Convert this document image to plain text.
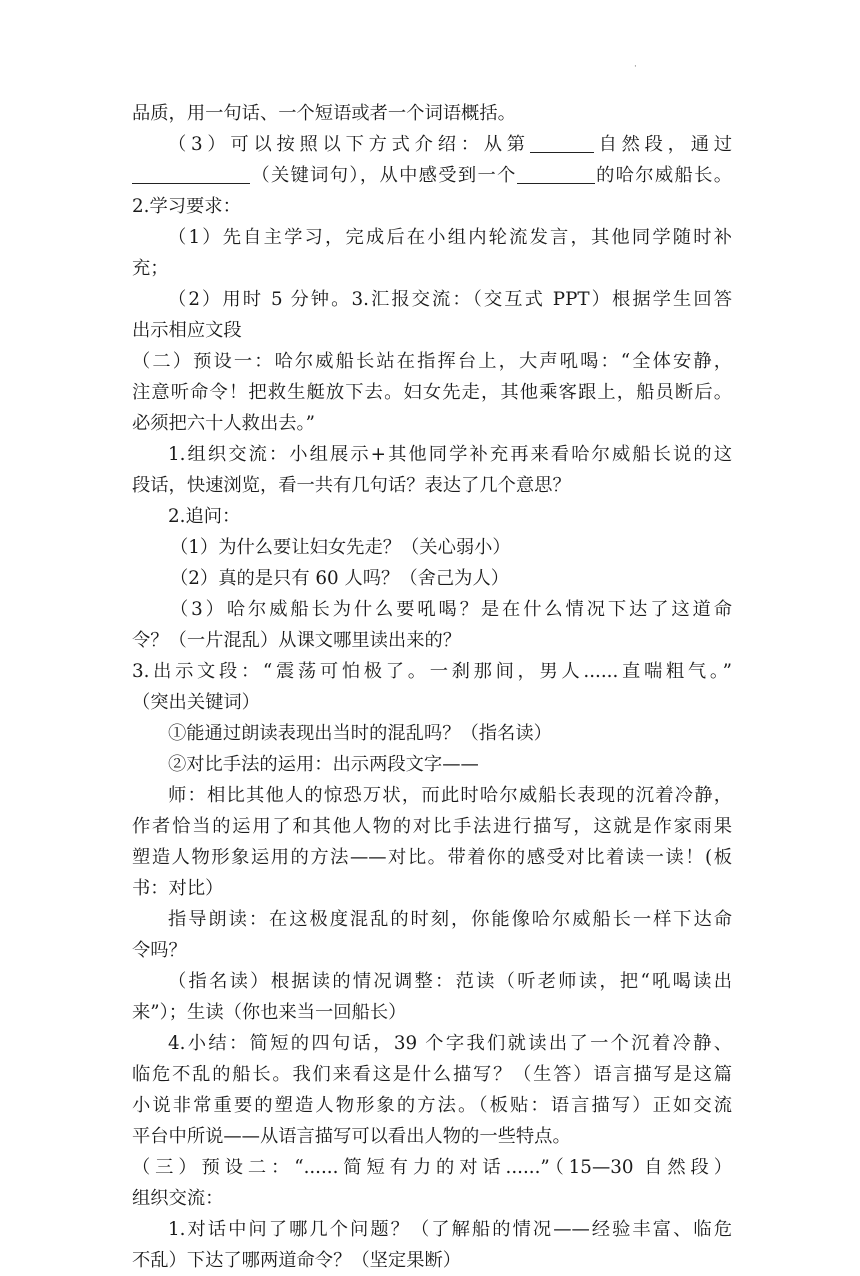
·
品质，用一句话、一个短语或者一个词语概括。
（3）可以按照以下方式介绍：从第	自然段，通过
（关键词句），从中感受到一个	的哈尔威船长。
2.学习要求：
（1）先自主学习，完成后在小组内轮流发言，其他同学随时补
充；
（2）用时 5 分钟。3.汇报交流：（交互式 PPT）根据学生回答
出示相应文段
（二）预设一：哈尔威船长站在指挥台上，大声吼喝：“全体安静，
注意听命令！把救生艇放下去。妇女先走，其他乘客跟上，船员断后。
必须把六十人救出去。”
1.组织交流：小组展示+其他同学补充再来看哈尔威船长说的这
段话，快速浏览，看一共有几句话？表达了几个意思？
2.追问：
（1）为什么要让妇女先走？（关心弱小）
（2）真的是只有 60 人吗？（舍己为人）
（3）哈尔威船长为什么要吼喝？是在什么情况下达了这道命
令？（一片混乱）从课文哪里读出来的？
3.出示文段：“震荡可怕极了。一刹那间，男人......直喘粗气。”
（突出关键词）
①能通过朗读表现出当时的混乱吗？（指名读）
②对比手法的运用：出示两段文字——
师：相比其他人的惊恐万状，而此时哈尔威船长表现的沉着冷静，
作者恰当的运用了和其他人物的对比手法进行描写，这就是作家雨果
塑造人物形象运用的方法——对比。带着你的感受对比着读一读！(板
书：对比）
指导朗读：在这极度混乱的时刻，你能像哈尔威船长一样下达命
令吗？
（指名读）根据读的情况调整：范读（听老师读，把“吼喝读出
来”）；生读（你也来当一回船长）
4.小结：简短的四句话，39 个字我们就读出了一个沉着冷静、
临危不乱的船长。我们来看这是什么描写？（生答）语言描写是这篇
小说非常重要的塑造人物形象的方法。（板贴：语言描写）正如交流
平台中所说——从语言描写可以看出人物的一些特点。
（三）预设二：“......简短有力的对话......”（15—30 自然段）
组织交流：
1.对话中问了哪几个问题？（了解船的情况——经验丰富、临危
不乱）下达了哪两道命令？（坚定果断）
